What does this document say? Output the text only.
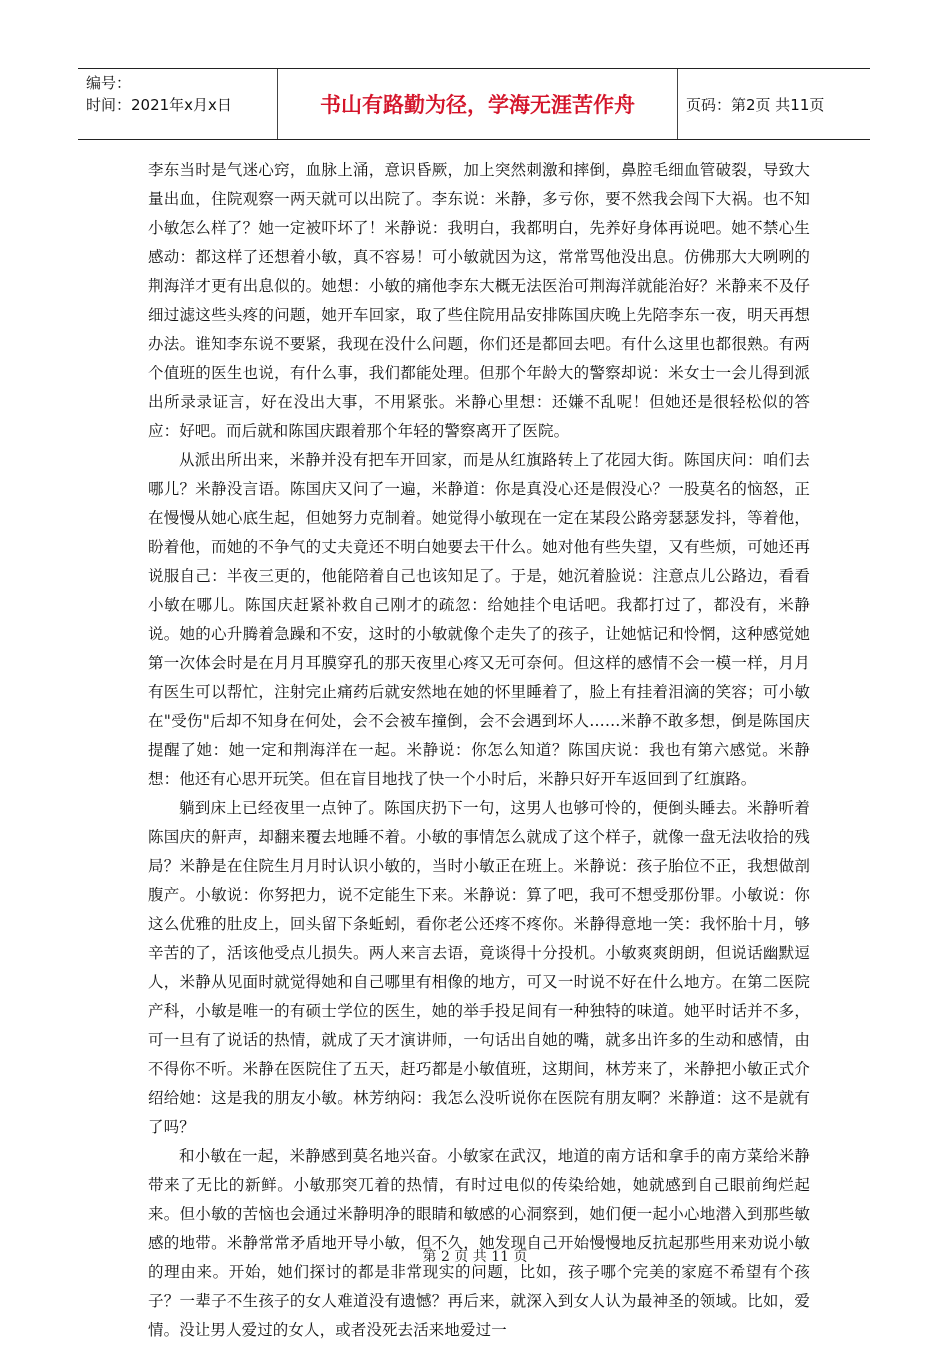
编号：
时间：2021年x月x日	书山有路勤为径，学海无涯苦作舟	页码：第2页 共11页

李东当时是气迷心窍，血脉上涌，意识昏厥，加上突然刺激和摔倒，鼻腔毛细血管破裂，导致大量出血，住院观察一两天就可以出院了。李东说：米静，多亏你，要不然我会闯下大祸。也不知小敏怎么样了？她一定被吓坏了！米静说：我明白，我都明白，先养好身体再说吧。她不禁心生感动：都这样了还想着小敏，真不容易！可小敏就因为这，常常骂他没出息。仿佛那大大咧咧的荆海洋才更有出息似的。她想：小敏的痛他李东大概无法医治可荆海洋就能治好？米静来不及仔细过滤这些头疼的问题，她开车回家，取了些住院用品安排陈国庆晚上先陪李东一夜，明天再想办法。谁知李东说不要紧，我现在没什么问题，你们还是都回去吧。有什么这里也都很熟。有两个值班的医生也说，有什么事，我们都能处理。但那个年龄大的警察却说：米女士一会儿得到派出所录录证言，好在没出大事，不用紧张。米静心里想：还嫌不乱呢！但她还是很轻松似的答应：好吧。而后就和陈国庆跟着那个年轻的警察离开了医院。

从派出所出来，米静并没有把车开回家，而是从红旗路转上了花园大街。陈国庆问：咱们去哪儿？米静没言语。陈国庆又问了一遍，米静道：你是真没心还是假没心？一股莫名的恼怒，正在慢慢从她心底生起，但她努力克制着。她觉得小敏现在一定在某段公路旁瑟瑟发抖，等着他，盼着他，而她的不争气的丈夫竟还不明白她要去干什么。她对他有些失望，又有些烦，可她还再说服自己：半夜三更的，他能陪着自己也该知足了。于是，她沉着脸说：注意点儿公路边，看看小敏在哪儿。陈国庆赶紧补救自己刚才的疏忽：给她挂个电话吧。我都打过了，都没有，米静说。她的心升腾着急躁和不安，这时的小敏就像个走失了的孩子，让她惦记和怜惘，这种感觉她第一次体会时是在月月耳膜穿孔的那天夜里心疼又无可奈何。但这样的感情不会一模一样，月月有医生可以帮忙，注射完止痛药后就安然地在她的怀里睡着了，脸上有挂着泪滴的笑容；可小敏在"受伤"后却不知身在何处，会不会被车撞倒，会不会遇到坏人……米静不敢多想，倒是陈国庆提醒了她：她一定和荆海洋在一起。米静说：你怎么知道？陈国庆说：我也有第六感觉。米静想：他还有心思开玩笑。但在盲目地找了快一个小时后，米静只好开车返回到了红旗路。

躺到床上已经夜里一点钟了。陈国庆扔下一句，这男人也够可怜的，便倒头睡去。米静听着陈国庆的鼾声，却翻来覆去地睡不着。小敏的事情怎么就成了这个样子，就像一盘无法收拾的残局？米静是在住院生月月时认识小敏的，当时小敏正在班上。米静说：孩子胎位不正，我想做剖腹产。小敏说：你努把力，说不定能生下来。米静说：算了吧，我可不想受那份罪。小敏说：你这么优雅的肚皮上，回头留下条蚯蚓，看你老公还疼不疼你。米静得意地一笑：我怀胎十月，够辛苦的了，活该他受点儿损失。两人来言去语，竟谈得十分投机。小敏爽爽朗朗，但说话幽默逗人，米静从见面时就觉得她和自己哪里有相像的地方，可又一时说不好在什么地方。在第二医院产科，小敏是唯一的有硕士学位的医生，她的举手投足间有一种独特的味道。她平时话并不多，可一旦有了说话的热情，就成了天才演讲师，一句话出自她的嘴，就多出许多的生动和感情，由不得你不听。米静在医院住了五天，赶巧都是小敏值班，这期间，林芳来了，米静把小敏正式介绍给她：这是我的朋友小敏。林芳纳闷：我怎么没听说你在医院有朋友啊？米静道：这不是就有了吗？

和小敏在一起，米静感到莫名地兴奋。小敏家在武汉，地道的南方话和拿手的南方菜给米静带来了无比的新鲜。小敏那突兀着的热情，有时过电似的传染给她，她就感到自己眼前绚烂起来。但小敏的苦恼也会通过米静明净的眼睛和敏感的心洞察到，她们便一起小心地潜入到那些敏感的地带。米静常常矛盾地开导小敏，但不久，她发现自己开始慢慢地反抗起那些用来劝说小敏的理由来。开始，她们探讨的都是非常现实的问题，比如，孩子哪个完美的家庭不希望有个孩子？一辈子不生孩子的女人难道没有遗憾？再后来，就深入到女人认为最神圣的领域。比如，爱情。没让男人爱过的女人，或者没死去活来地爱过一

第 2 页 共 11 页
